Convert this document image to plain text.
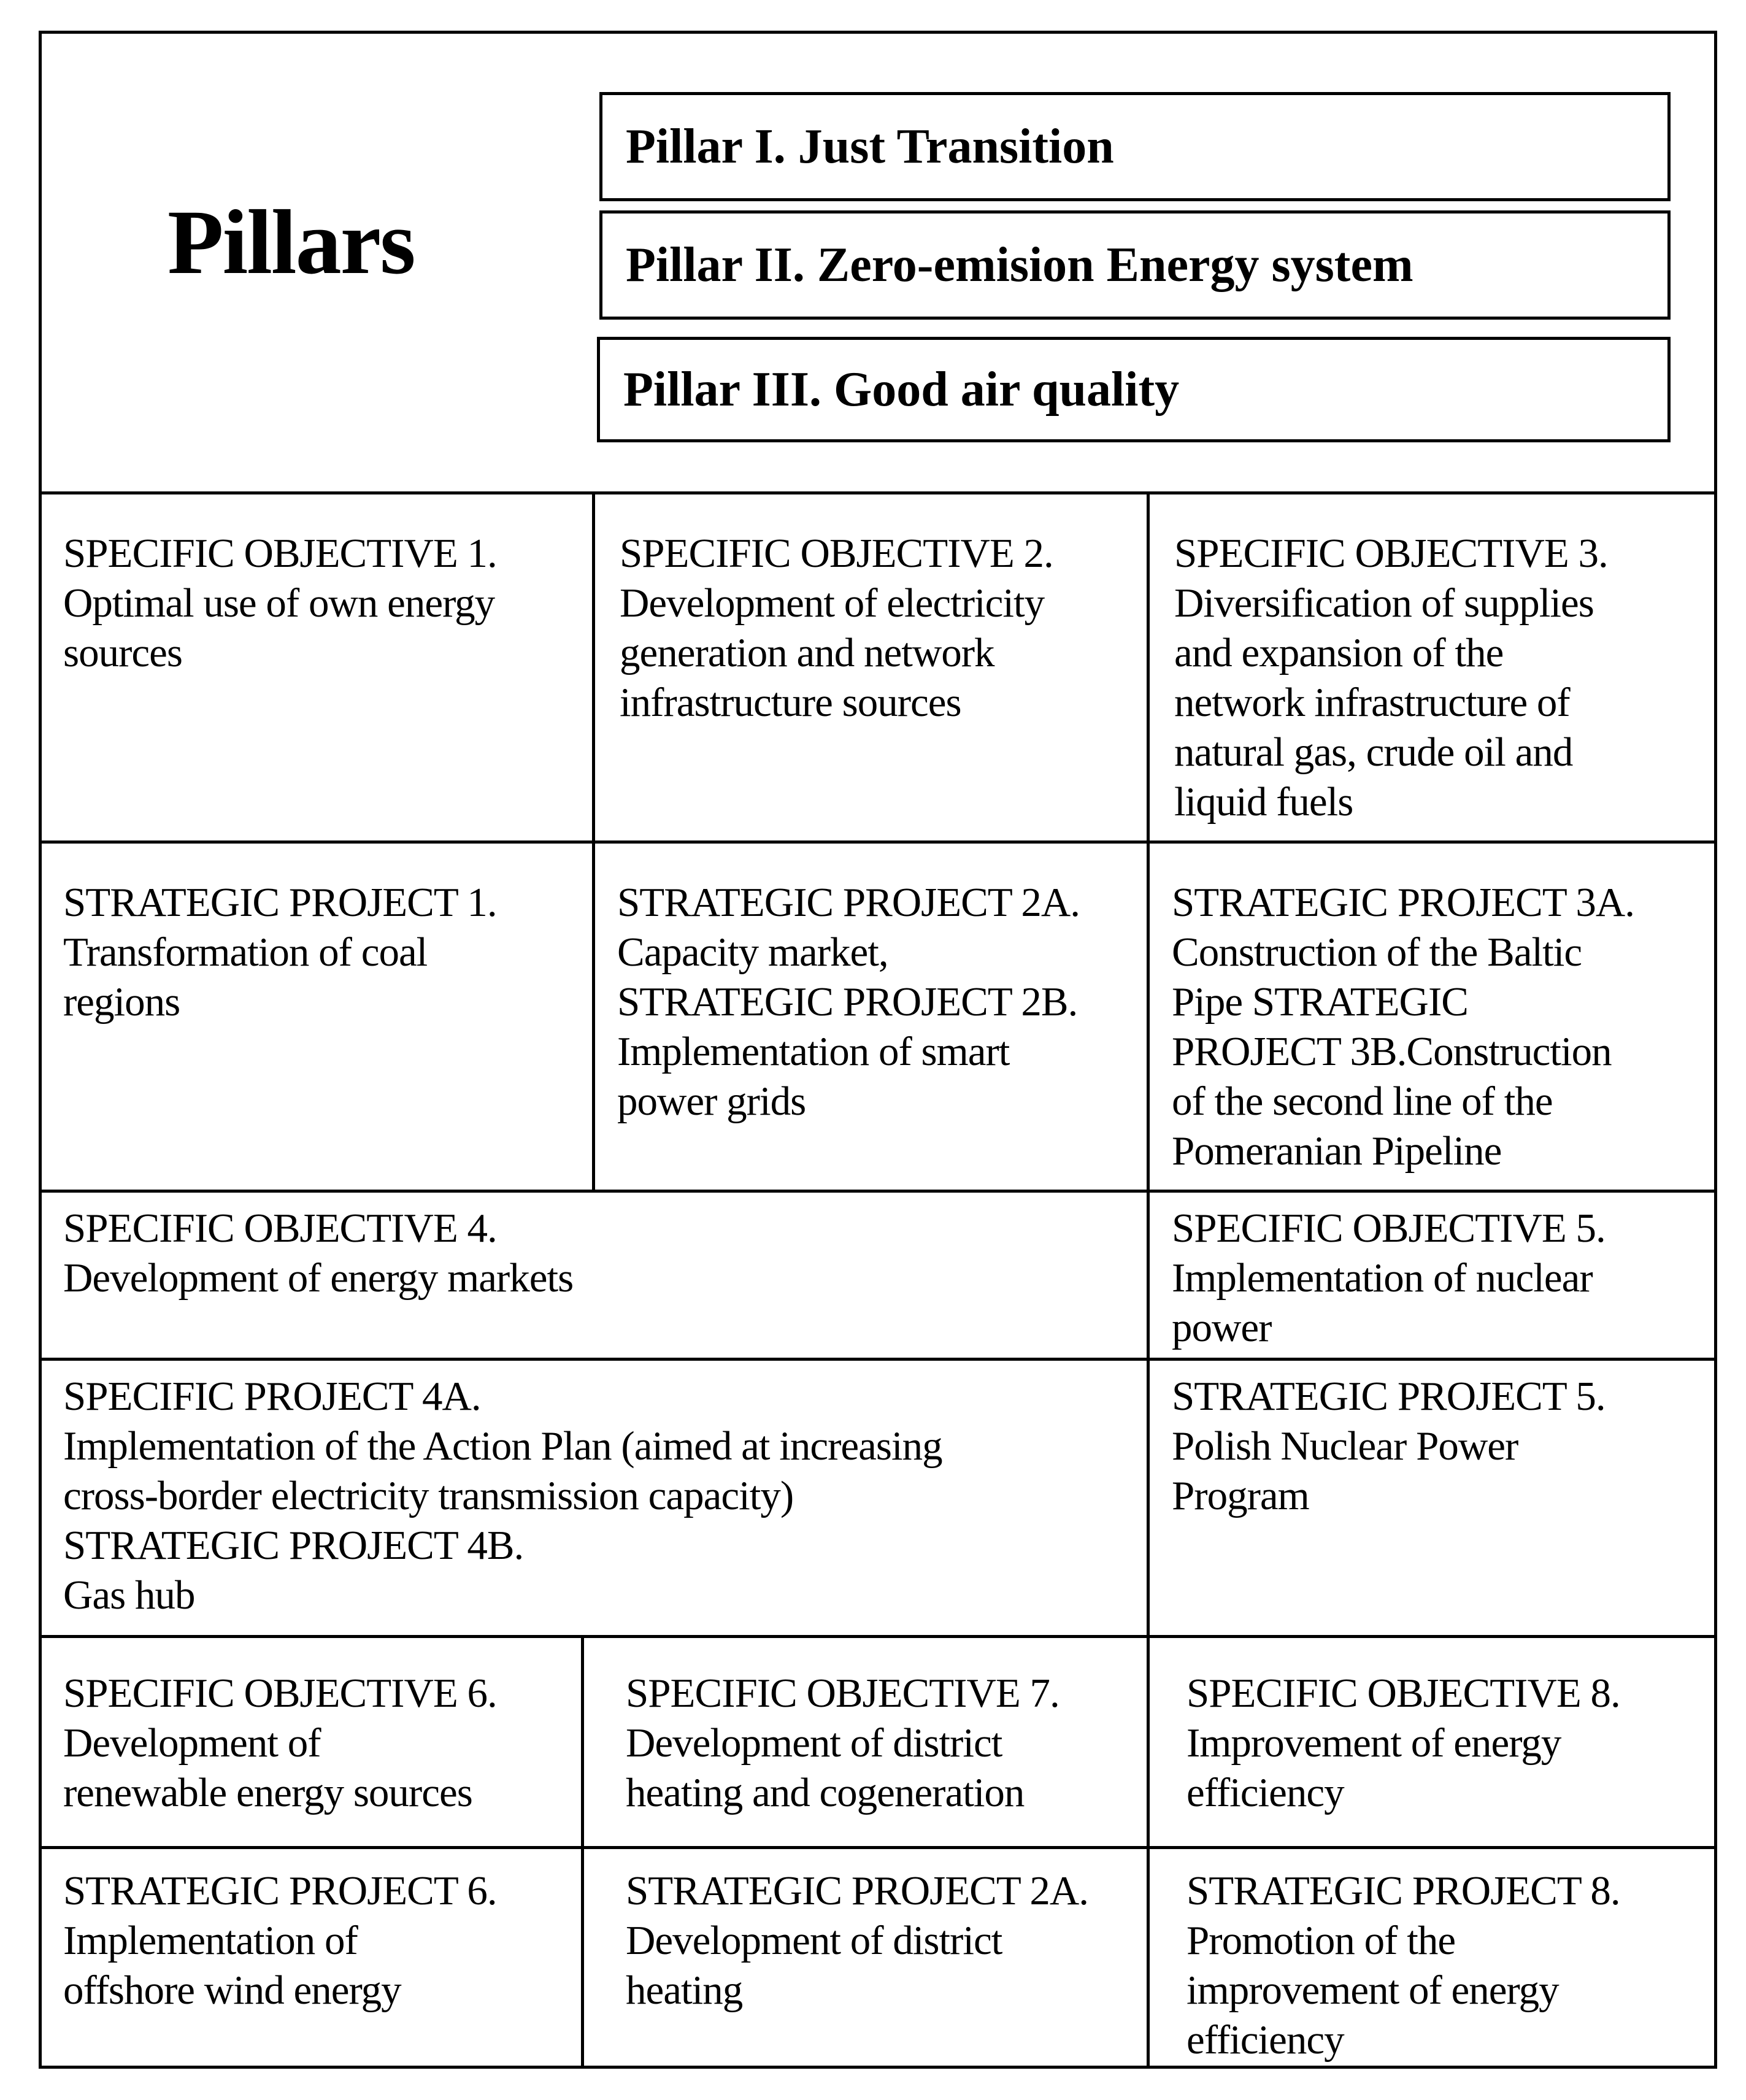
Pillars
Pillar I. Just Transition
Pillar II. Zero-emision Energy system
Pillar III. Good air quality
SPECIFIC OBJECTIVE 1.
Optimal use of own energy
sources
SPECIFIC OBJECTIVE 2.
Development of electricity
generation and network
infrastructure sources
SPECIFIC OBJECTIVE 3.
Diversification of supplies
and expansion of the
network infrastructure of
natural gas, crude oil and
liquid fuels
STRATEGIC PROJECT 1.
Transformation of coal
regions
STRATEGIC PROJECT 2A.
Capacity market,
STRATEGIC PROJECT 2B.
Implementation of smart
power grids
STRATEGIC PROJECT 3A.
Construction of the Baltic
Pipe STRATEGIC
PROJECT 3B.Construction
of the second line of the
Pomeranian Pipeline
SPECIFIC OBJECTIVE 4.
Development of energy markets
SPECIFIC OBJECTIVE 5.
Implementation of nuclear
power
SPECIFIC PROJECT 4A.
Implementation of the Action Plan (aimed at increasing
cross-border electricity transmission capacity)
STRATEGIC PROJECT 4B.
Gas hub
STRATEGIC PROJECT 5.
Polish Nuclear Power
Program
SPECIFIC OBJECTIVE 6.
Development of
renewable energy sources
SPECIFIC OBJECTIVE 7.
Development of district
heating and cogeneration
SPECIFIC OBJECTIVE 8.
Improvement of energy
efficiency
STRATEGIC PROJECT 6.
Implementation of
offshore wind energy
STRATEGIC PROJECT 2A.
Development of district
heating
STRATEGIC PROJECT 8.
Promotion of the
improvement of energy
efficiency
